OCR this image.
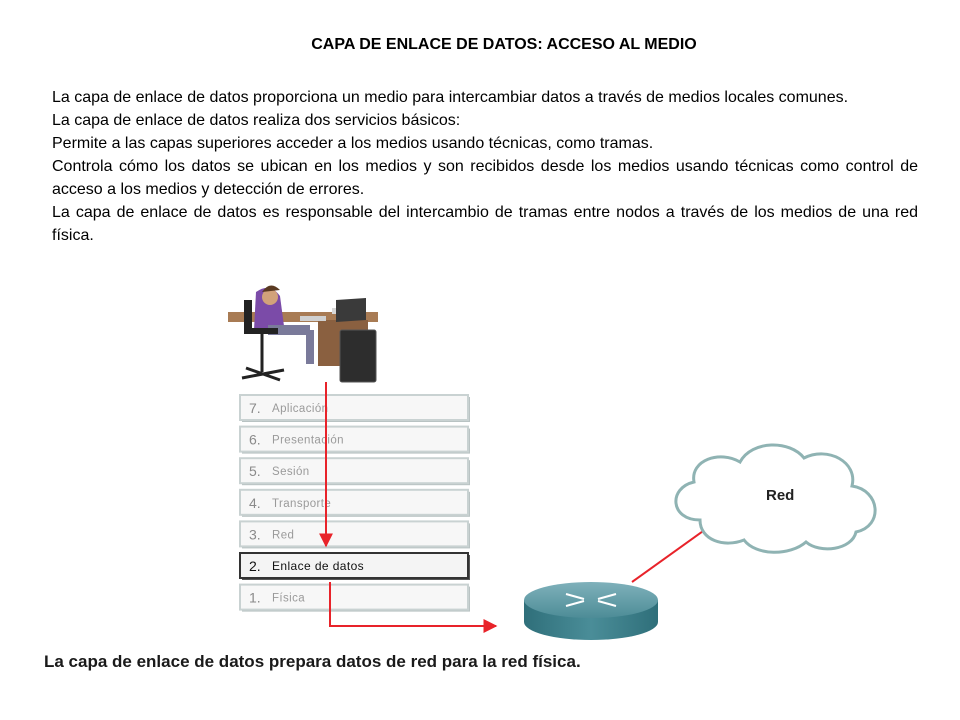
CAPA DE ENLACE DE DATOS: ACCESO AL MEDIO

La capa de enlace de datos proporciona un medio para intercambiar datos a través de medios locales comunes.

La capa de enlace de datos realiza dos servicios básicos:

Permite a las capas superiores acceder a los medios usando técnicas, como tramas.

Controla cómo los datos se ubican en los medios y son recibidos desde los medios usando técnicas como control de acceso a los medios y detección de errores.

La capa de enlace de datos es responsable del intercambio de tramas entre nodos a través de los medios de una red física.

7. Aplicación
6. Presentación
5. Sesión
4. Transporte
3. Red
2. Enlace de datos
1. Física
Red
La capa de enlace de datos prepara datos de red para la red física.
